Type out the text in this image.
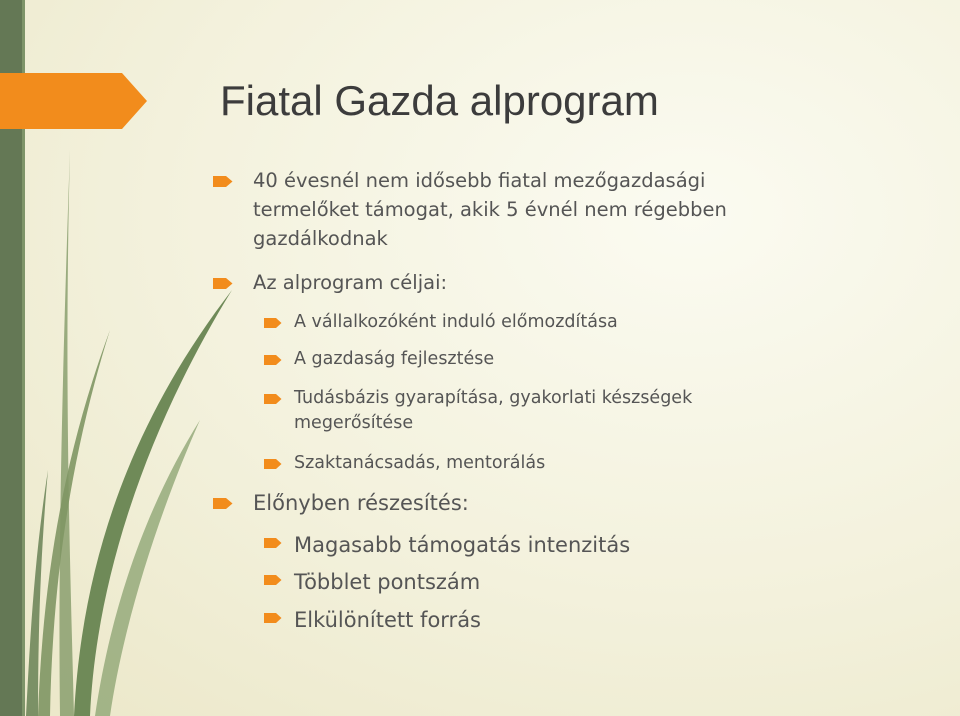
Fiatal Gazda alprogram
40 évesnél nem idősebb fiatal mezőgazdasági termelőket támogat, akik 5 évnél nem régebben gazdálkodnak
Az alprogram céljai:
A vállalkozóként induló előmozdítása
A gazdaság fejlesztése
Tudásbázis gyarapítása, gyakorlati készségek megerősítése
Szaktanácsadás, mentorálás
Előnyben részesítés:
Magasabb támogatás intenzitás
Többlet pontszám
Elkülönített forrás
